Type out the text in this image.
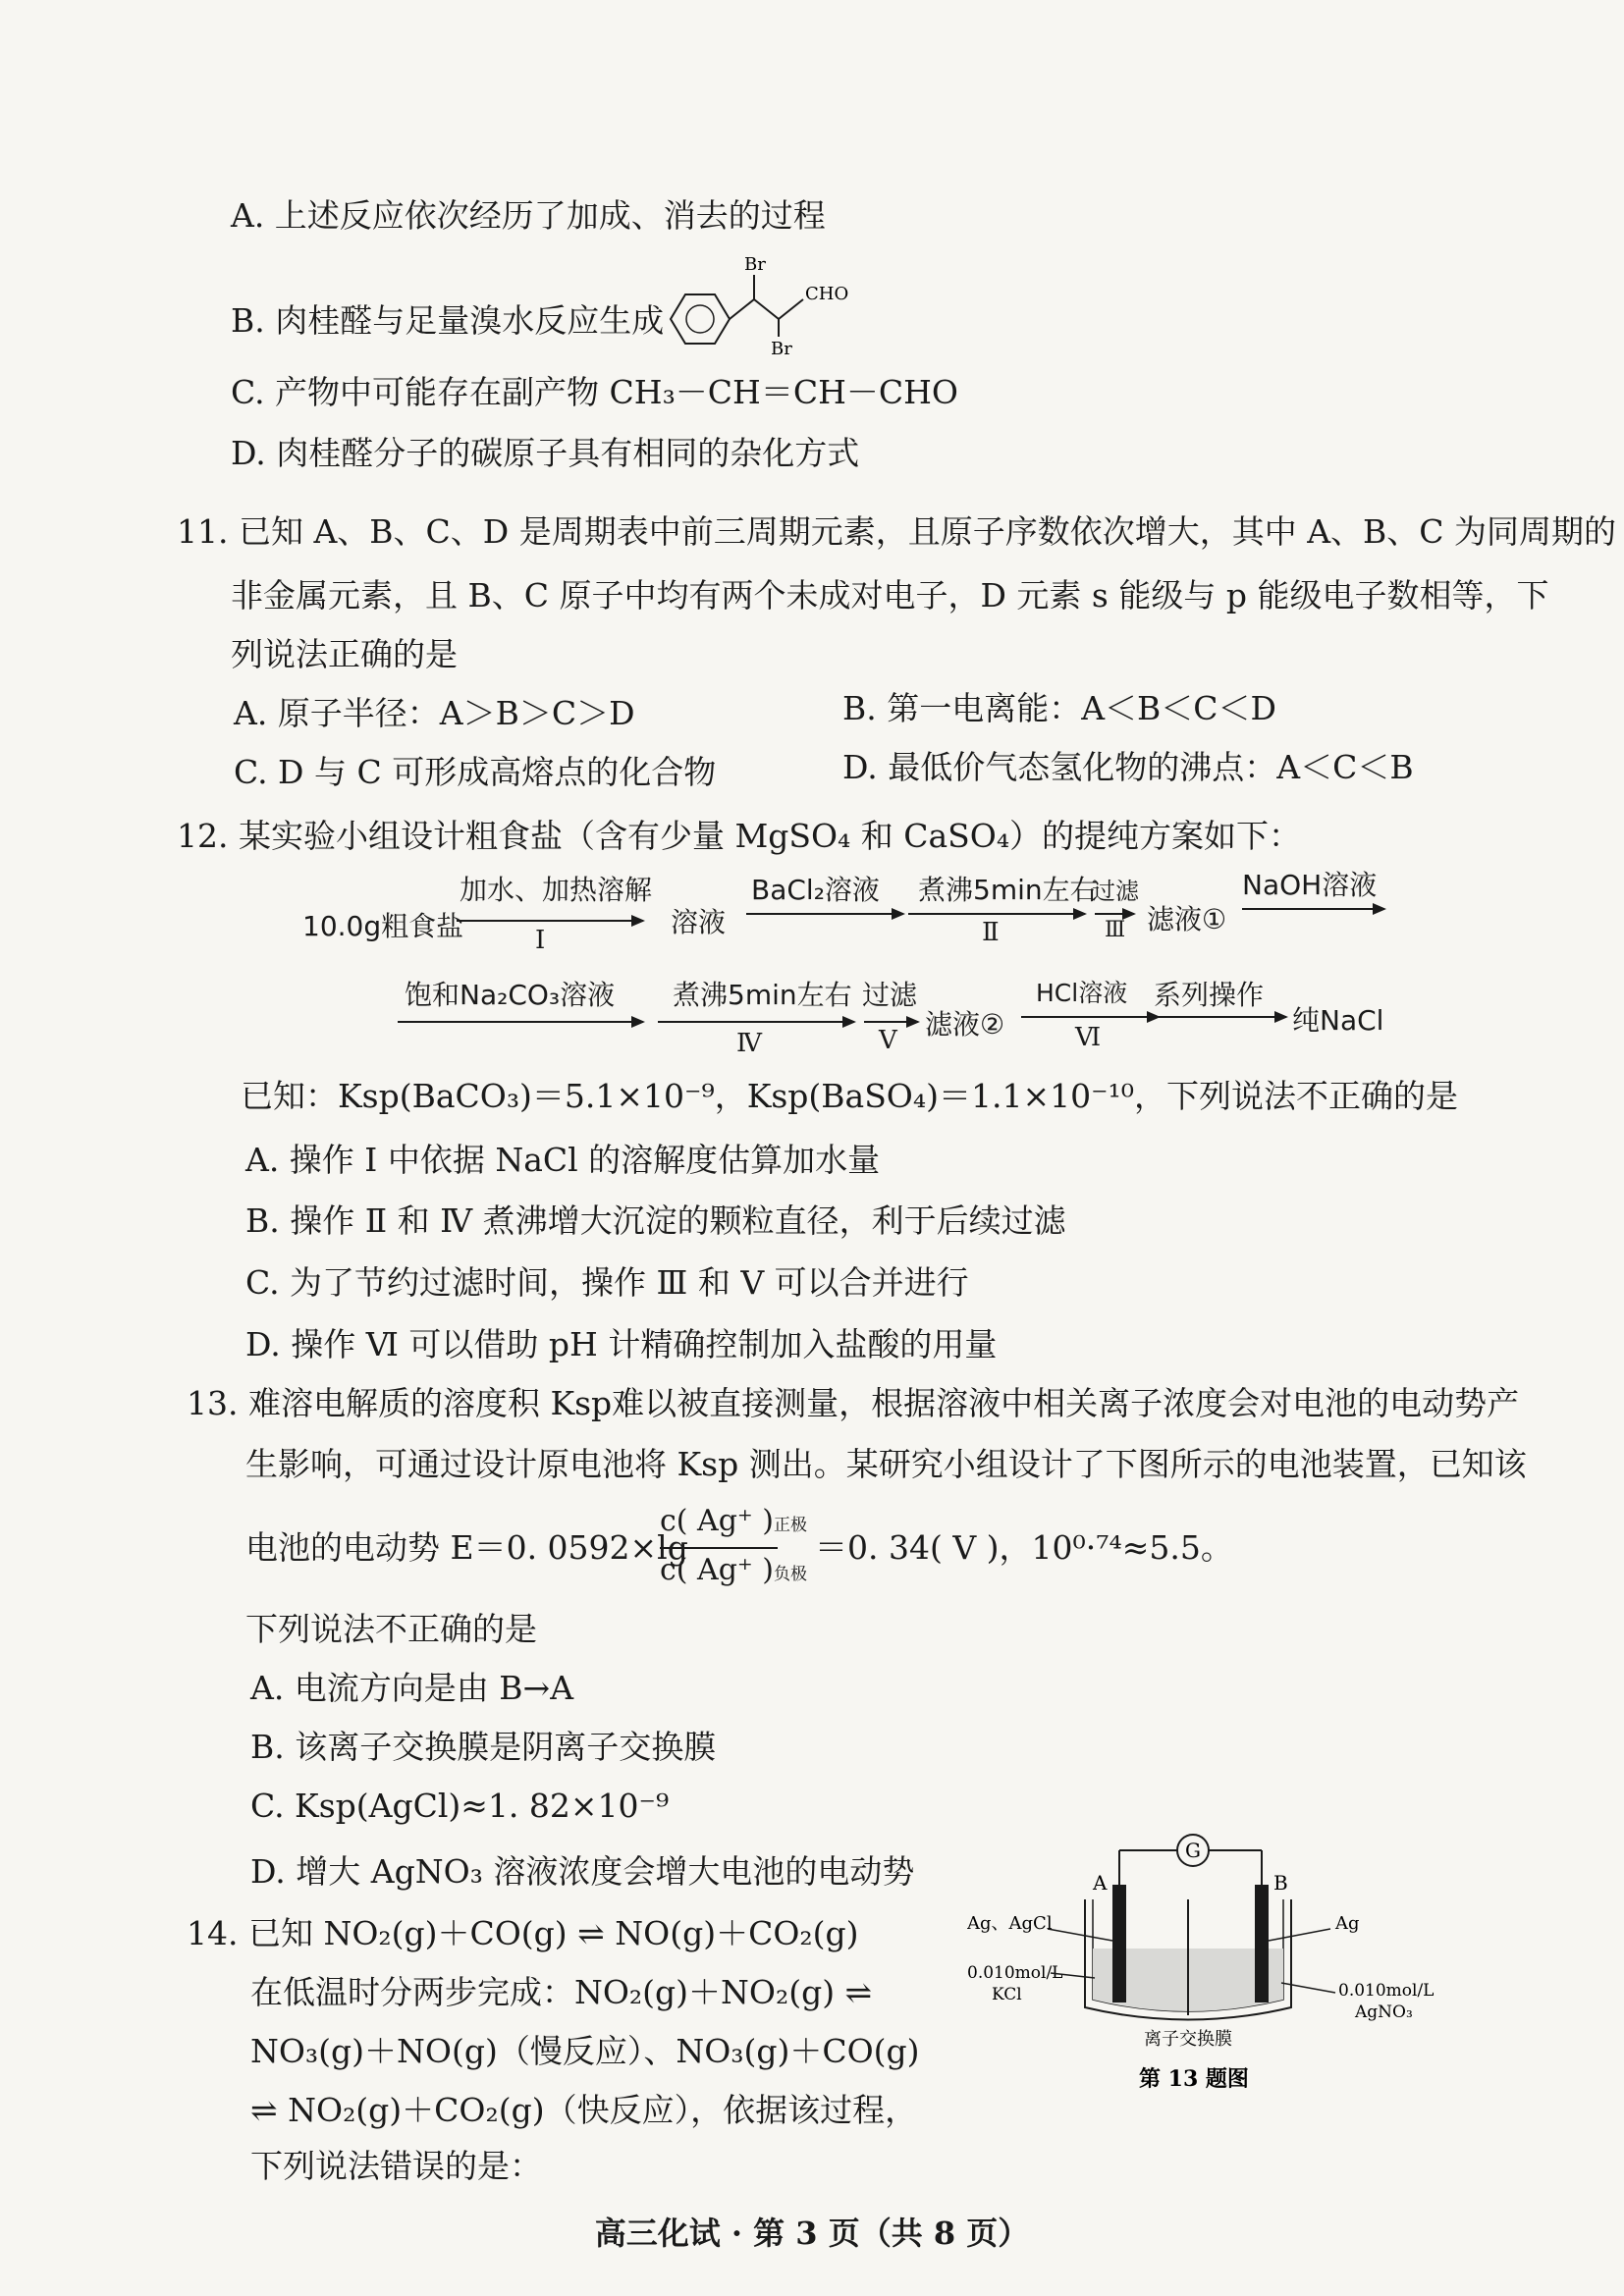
A. 上述反应依次经历了加成、消去的过程
B. 肉桂醛与足量溴水反应生成
Br
Br
CHO
C. 产物中可能存在副产物 CH₃－CH＝CH－CHO
D. 肉桂醛分子的碳原子具有相同的杂化方式
11. 已知 A、B、C、D 是周期表中前三周期元素，且原子序数依次增大，其中 A、B、C 为同周期的
非金属元素，且 B、C 原子中均有两个未成对电子，D 元素 s 能级与 p 能级电子数相等，下
列说法正确的是
A. 原子半径：A＞B＞C＞D	B. 第一电离能：A＜B＜C＜D
C. D 与 C 可形成高熔点的化合物	D. 最低价气态氢化物的沸点：A＜C＜B
12. 某实验小组设计粗食盐（含有少量 MgSO₄ 和 CaSO₄）的提纯方案如下：
10.0g粗食盐
加水、加热溶解
I
溶液
BaCl₂溶液 煮沸5min左右
Ⅱ
过滤
Ⅲ 滤液①
NaOH溶液
饱和Na₂CO₃溶液 煮沸5min左右
Ⅳ
过滤
Ⅴ 滤液②
HCl溶液
Ⅵ
系列操作
纯NaCl
已知：Ksp(BaCO₃)＝5.1×10⁻⁹，Ksp(BaSO₄)＝1.1×10⁻¹⁰，下列说法不正确的是
A. 操作 I 中依据 NaCl 的溶解度估算加水量
B. 操作 Ⅱ 和 Ⅳ 煮沸增大沉淀的颗粒直径，利于后续过滤
C. 为了节约过滤时间，操作 Ⅲ 和 Ⅴ 可以合并进行
D. 操作 Ⅵ 可以借助 pH 计精确控制加入盐酸的用量
13. 难溶电解质的溶度积 Ksp难以被直接测量，根据溶液中相关离子浓度会对电池的电动势产
生影响，可通过设计原电池将 Ksp 测出。某研究小组设计了下图所示的电池装置，已知该
电池的电动势 E＝0. 0592×lg
c( Ag⁺ )正极
c( Ag⁺ )负极
＝0. 34( V )，10⁰·⁷⁴≈5.5。
下列说法不正确的是
A. 电流方向是由 B→A
B. 该离子交换膜是阴离子交换膜
C. Ksp(AgCl)≈1. 82×10⁻⁹
D. 增大 AgNO₃ 溶液浓度会增大电池的电动势
G
A	B
Ag、AgCl	Ag
0.010mol/L
KCl	0.010mol/L
AgNO₃
离子交换膜
第 13 题图
14. 已知 NO₂(g)＋CO(g) ⇌ NO(g)＋CO₂(g)
在低温时分两步完成：NO₂(g)＋NO₂(g) ⇌
NO₃(g)＋NO(g)（慢反应）、NO₃(g)＋CO(g)
⇌ NO₂(g)＋CO₂(g)（快反应），依据该过程，
下列说法错误的是：
高三化试 · 第 3 页（共 8 页）
